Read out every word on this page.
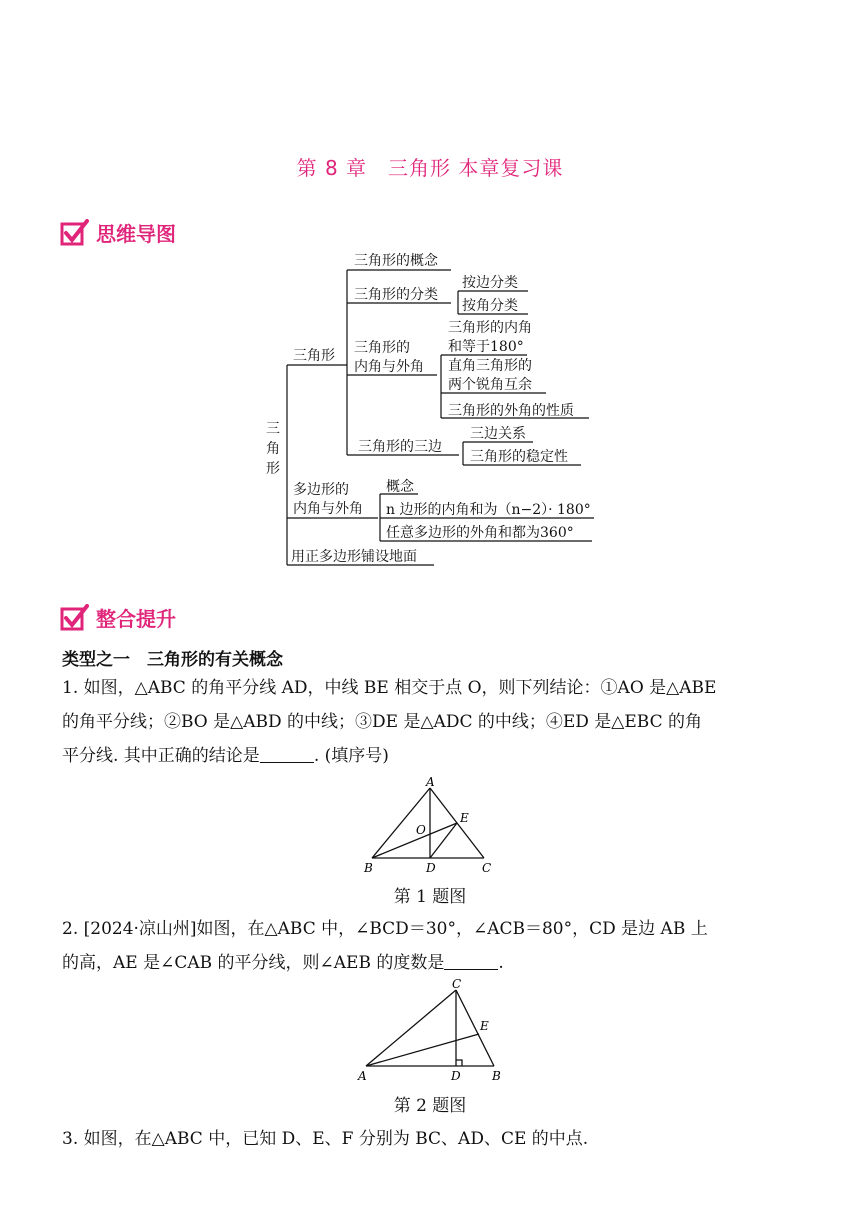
第 8 章　三角形 本章复习课
思维导图
三
角
形
三角形
三角形的概念
三角形的分类
按边分类
按角分类
三角形的
内角与外角
三角形的内角
和等于180°
直角三角形的
两个锐角互余
三角形的外角的性质
三角形的三边
三边关系
三角形的稳定性
多边形的
内角与外角
概念
n 边形的内角和为（n−2）· 180°
任意多边形的外角和都为360°
用正多边形铺设地面
整合提升
类型之一　三角形的有关概念
1. 如图，△ABC 的角平分线 AD，中线 BE 相交于点 O，则下列结论：①AO 是△ABE
的角平分线；②BO 是△ABD 的中线；③DE 是△ADC 的中线；④ED 是△EBC 的角
平分线. 其中正确的结论是	. (填序号)
A
B	C
D
E
O
第 1 题图
2. [2024·凉山州]如图，在△ABC 中，∠BCD＝30°，∠ACB＝80°，CD 是边 AB 上
的高，AE 是∠CAB 的平分线，则∠AEB 的度数是	.
C
A	D	B
E
第 2 题图
3. 如图，在△ABC 中，已知 D、E、F 分别为 BC、AD、CE 的中点.
